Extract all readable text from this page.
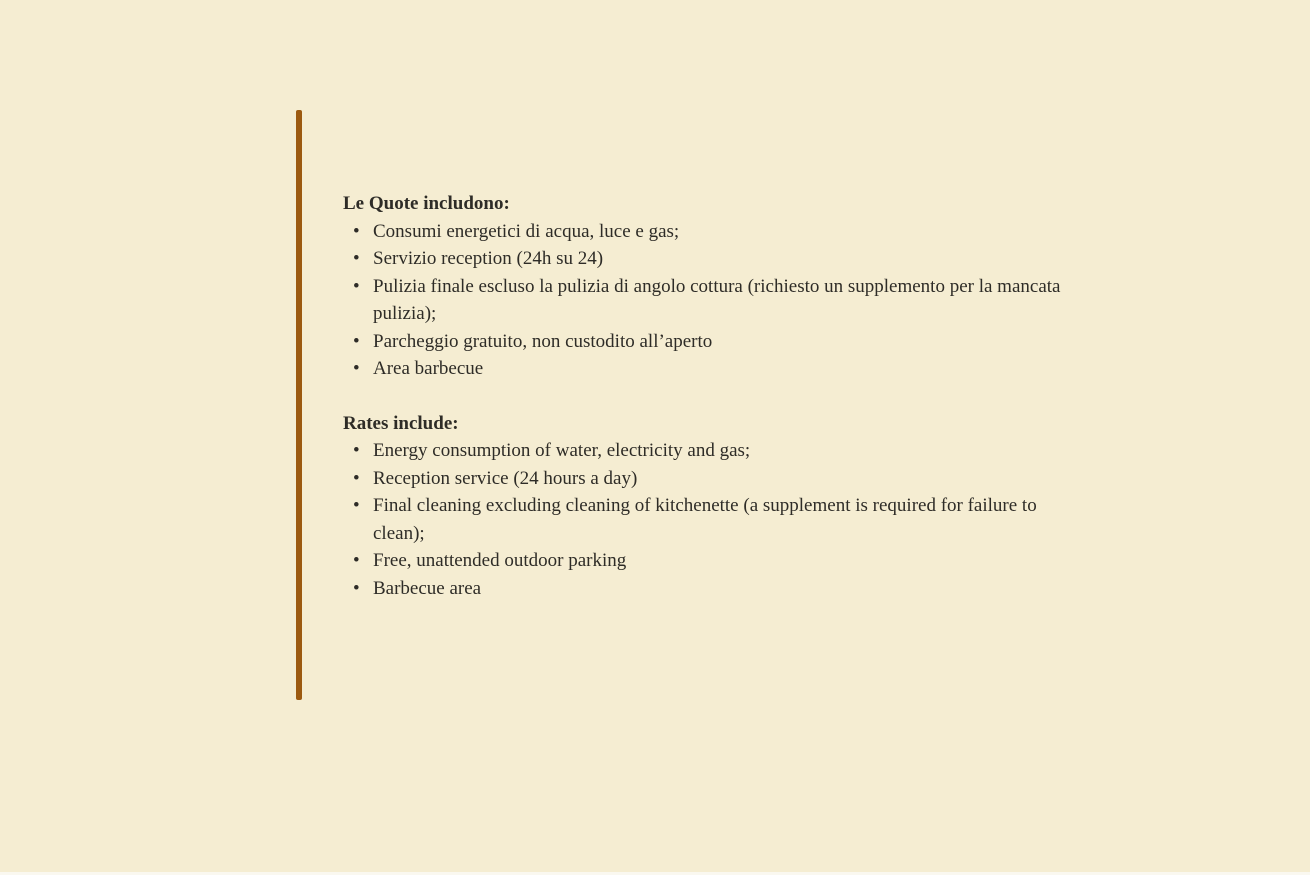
Le Quote includono:

• Consumi energetici di acqua, luce e gas;
• Servizio reception (24h su 24)
• Pulizia finale escluso la pulizia di angolo cottura (richiesto un supplemento per la mancata pulizia);
• Parcheggio gratuito, non custodito all’aperto
• Area barbecue

Rates include:

• Energy consumption of water, electricity and gas;
• Reception service (24 hours a day)
• Final cleaning excluding cleaning of kitchenette (a supplement is required for failure to clean);
• Free, unattended outdoor parking
• Barbecue area
